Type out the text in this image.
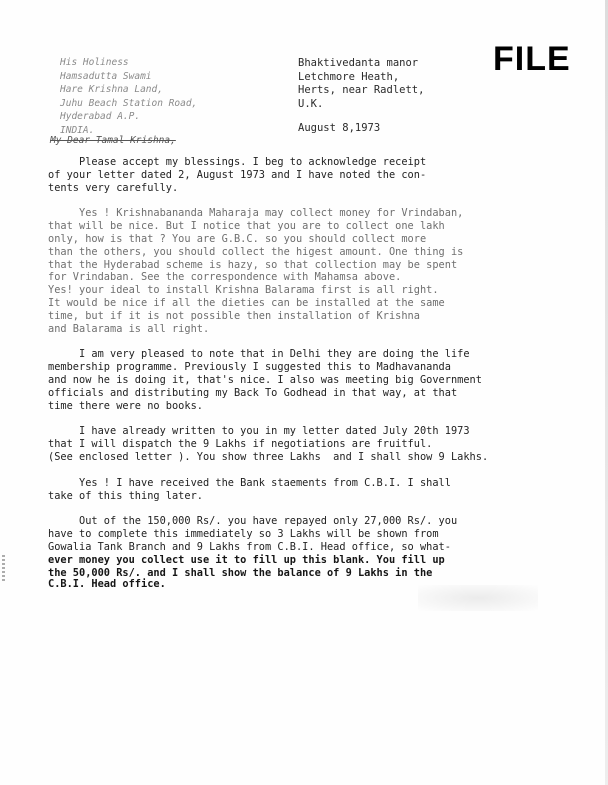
FILE
His Holiness
Hamsadutta Swami
Hare Krishna Land,
Juhu Beach Station Road,
Hyderabad A.P.
INDIA.
My Dear Tamal Krishna,
Bhaktivedanta manor
Letchmore Heath,
Herts, near Radlett,
U.K.
August 8,1973
Please accept my blessings. I beg to acknowledge receipt
of your letter dated 2, August 1973 and I have noted the con-
tents very carefully.
Yes ! Krishnabananda Maharaja may collect money for Vrindaban,
that will be nice. But I notice that you are to collect one lakh
only, how is that ? You are G.B.C. so you should collect more
than the others, you should collect the higest amount. One thing is
that the Hyderabad scheme is hazy, so that collection may be spent
for Vrindaban. See the correspondence with Mahamsa above.
Yes! your ideal to install Krishna Balarama first is all right.
It would be nice if all the dieties can be installed at the same
time, but if it is not possible then installation of Krishna
and Balarama is all right.
I am very pleased to note that in Delhi they are doing the life
membership programme. Previously I suggested this to Madhavananda
and now he is doing it, that's nice. I also was meeting big Government
officials and distributing my Back To Godhead in that way, at that
time there were no books.
I have already written to you in my letter dated July 20th 1973
that I will dispatch the 9 Lakhs if negotiations are fruitful.
(See enclosed letter ). You show three Lakhs  and I shall show 9 Lakhs.
Yes ! I have received the Bank staements from C.B.I. I shall
take of this thing later.
Out of the 150,000 Rs/. you have repayed only 27,000 Rs/. you
have to complete this immediately so 3 Lakhs will be shown from
Gowalia Tank Branch and 9 Lakhs from C.B.I. Head office, so what-
ever money you collect use it to fill up this blank. You fill up
the 50,000 Rs/. and I shall show the balance of 9 Lakhs in the
C.B.I. Head office.
